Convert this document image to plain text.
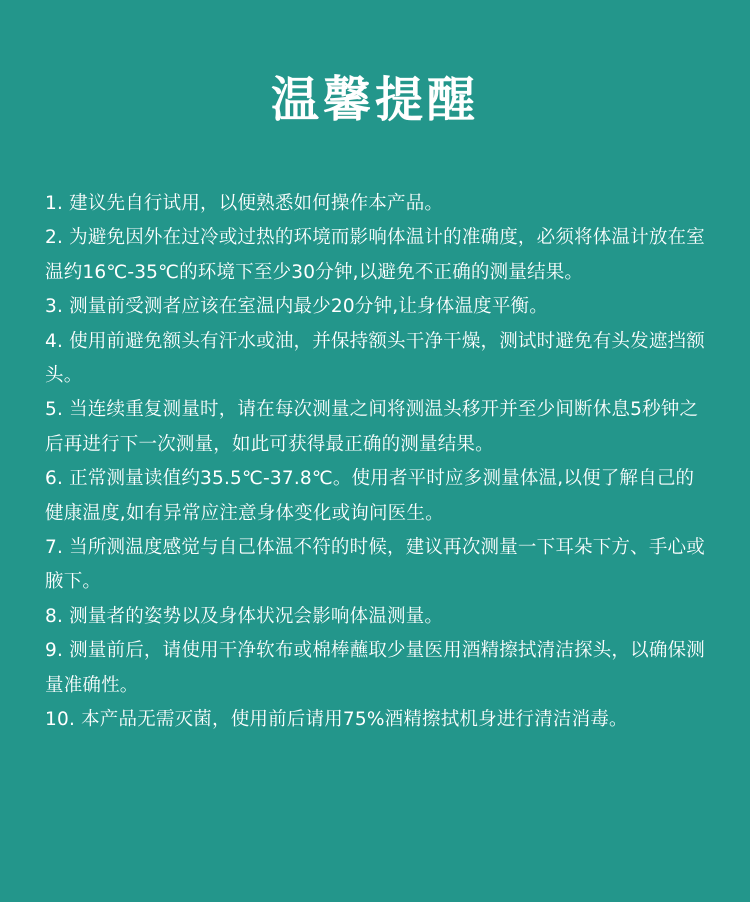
温馨提醒
1. 建议先自行试用，以便熟悉如何操作本产品。
2. 为避免因外在过冷或过热的环境而影响体温计的准确度，必须将体温计放在室温约16℃-35℃的环境下至少30分钟,以避免不正确的测量结果。
3. 测量前受测者应该在室温内最少20分钟,让身体温度平衡。
4. 使用前避免额头有汗水或油，并保持额头干净干燥，测试时避免有头发遮挡额头。
5. 当连续重复测量时，请在每次测量之间将测温头移开并至少间断休息5秒钟之后再进行下一次测量，如此可获得最正确的测量结果。
6. 正常测量读值约35.5℃-37.8℃。使用者平时应多测量体温,以便了解自己的健康温度,如有异常应注意身体变化或询问医生。
7. 当所测温度感觉与自己体温不符的时候，建议再次测量一下耳朵下方、手心或腋下。
8. 测量者的姿势以及身体状况会影响体温测量。
9. 测量前后，请使用干净软布或棉棒蘸取少量医用酒精擦拭清洁探头，以确保测量准确性。
10. 本产品无需灭菌，使用前后请用75%酒精擦拭机身进行清洁消毒。
